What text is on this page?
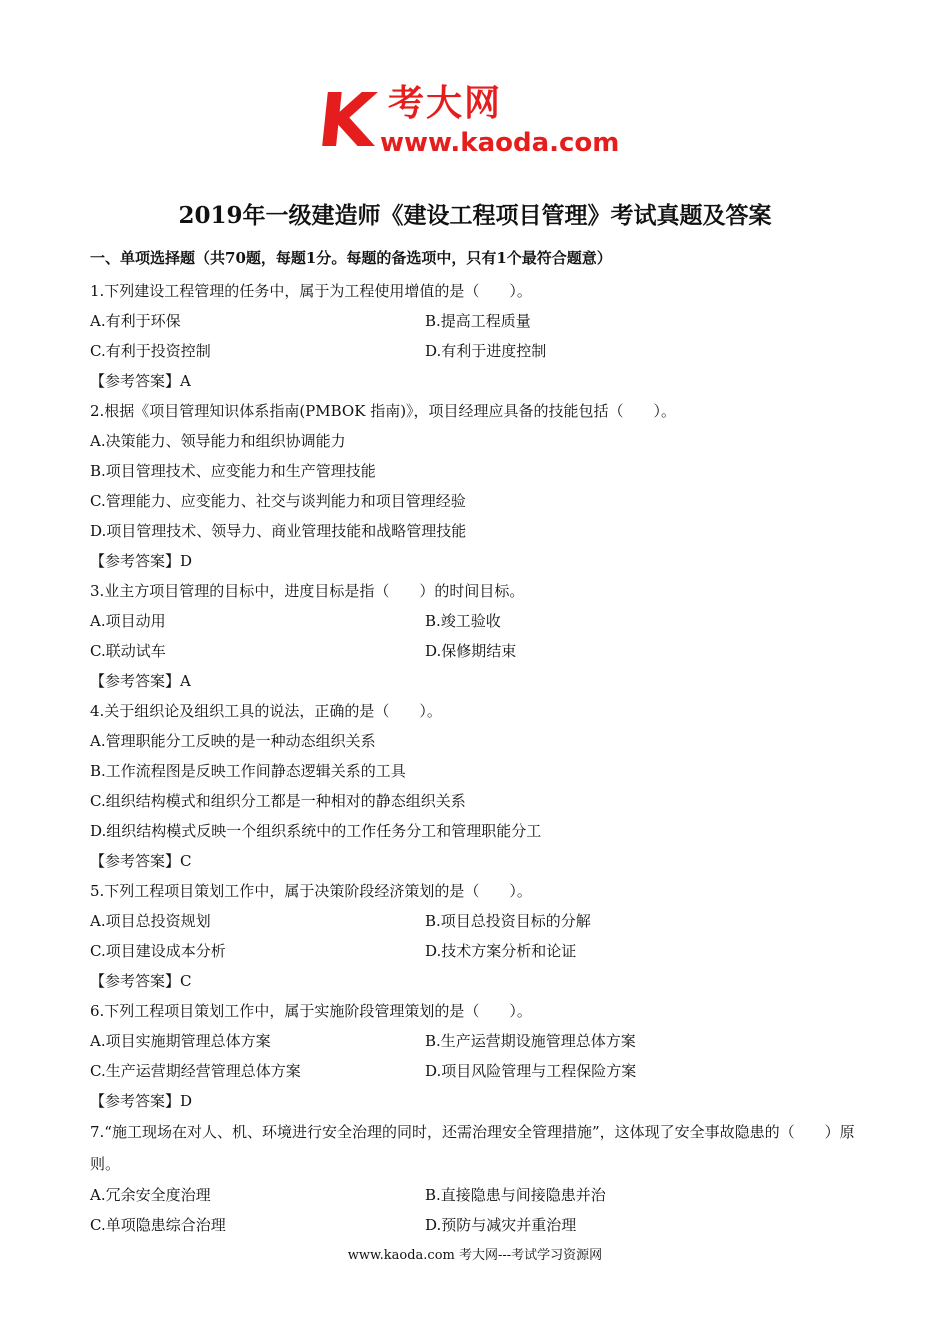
K 考大网
www.kaoda.com
2019年一级建造师《建设工程项目管理》考试真题及答案
一、单项选择题（共70题，每题1分。每题的备选项中，只有1个最符合题意）
1.下列建设工程管理的任务中，属于为工程使用增值的是（　　）。
A.有利于环保	B.提高工程质量
C.有利于投资控制	D.有利于进度控制
【参考答案】A
2.根据《项目管理知识体系指南(PMBOK 指南)》，项目经理应具备的技能包括（　　）。
A.决策能力、领导能力和组织协调能力
B.项目管理技术、应变能力和生产管理技能
C.管理能力、应变能力、社交与谈判能力和项目管理经验
D.项目管理技术、领导力、商业管理技能和战略管理技能
【参考答案】D
3.业主方项目管理的目标中，进度目标是指（　　）的时间目标。
A.项目动用	B.竣工验收
C.联动试车	D.保修期结束
【参考答案】A
4.关于组织论及组织工具的说法，正确的是（　　）。
A.管理职能分工反映的是一种动态组织关系
B.工作流程图是反映工作间静态逻辑关系的工具
C.组织结构模式和组织分工都是一种相对的静态组织关系
D.组织结构模式反映一个组织系统中的工作任务分工和管理职能分工
【参考答案】C
5.下列工程项目策划工作中，属于决策阶段经济策划的是（　　）。
A.项目总投资规划	B.项目总投资目标的分解
C.项目建设成本分析	D.技术方案分析和论证
【参考答案】C
6.下列工程项目策划工作中，属于实施阶段管理策划的是（　　）。
A.项目实施期管理总体方案	B.生产运营期设施管理总体方案
C.生产运营期经营管理总体方案	D.项目风险管理与工程保险方案
【参考答案】D
7.“施工现场在对人、机、环境进行安全治理的同时，还需治理安全管理措施”，这体现了安全事故隐患的（　　）原则。
A.冗余安全度治理	B.直接隐患与间接隐患并治
C.单项隐患综合治理	D.预防与减灾并重治理
www.kaoda.com 考大网---考试学习资源网
